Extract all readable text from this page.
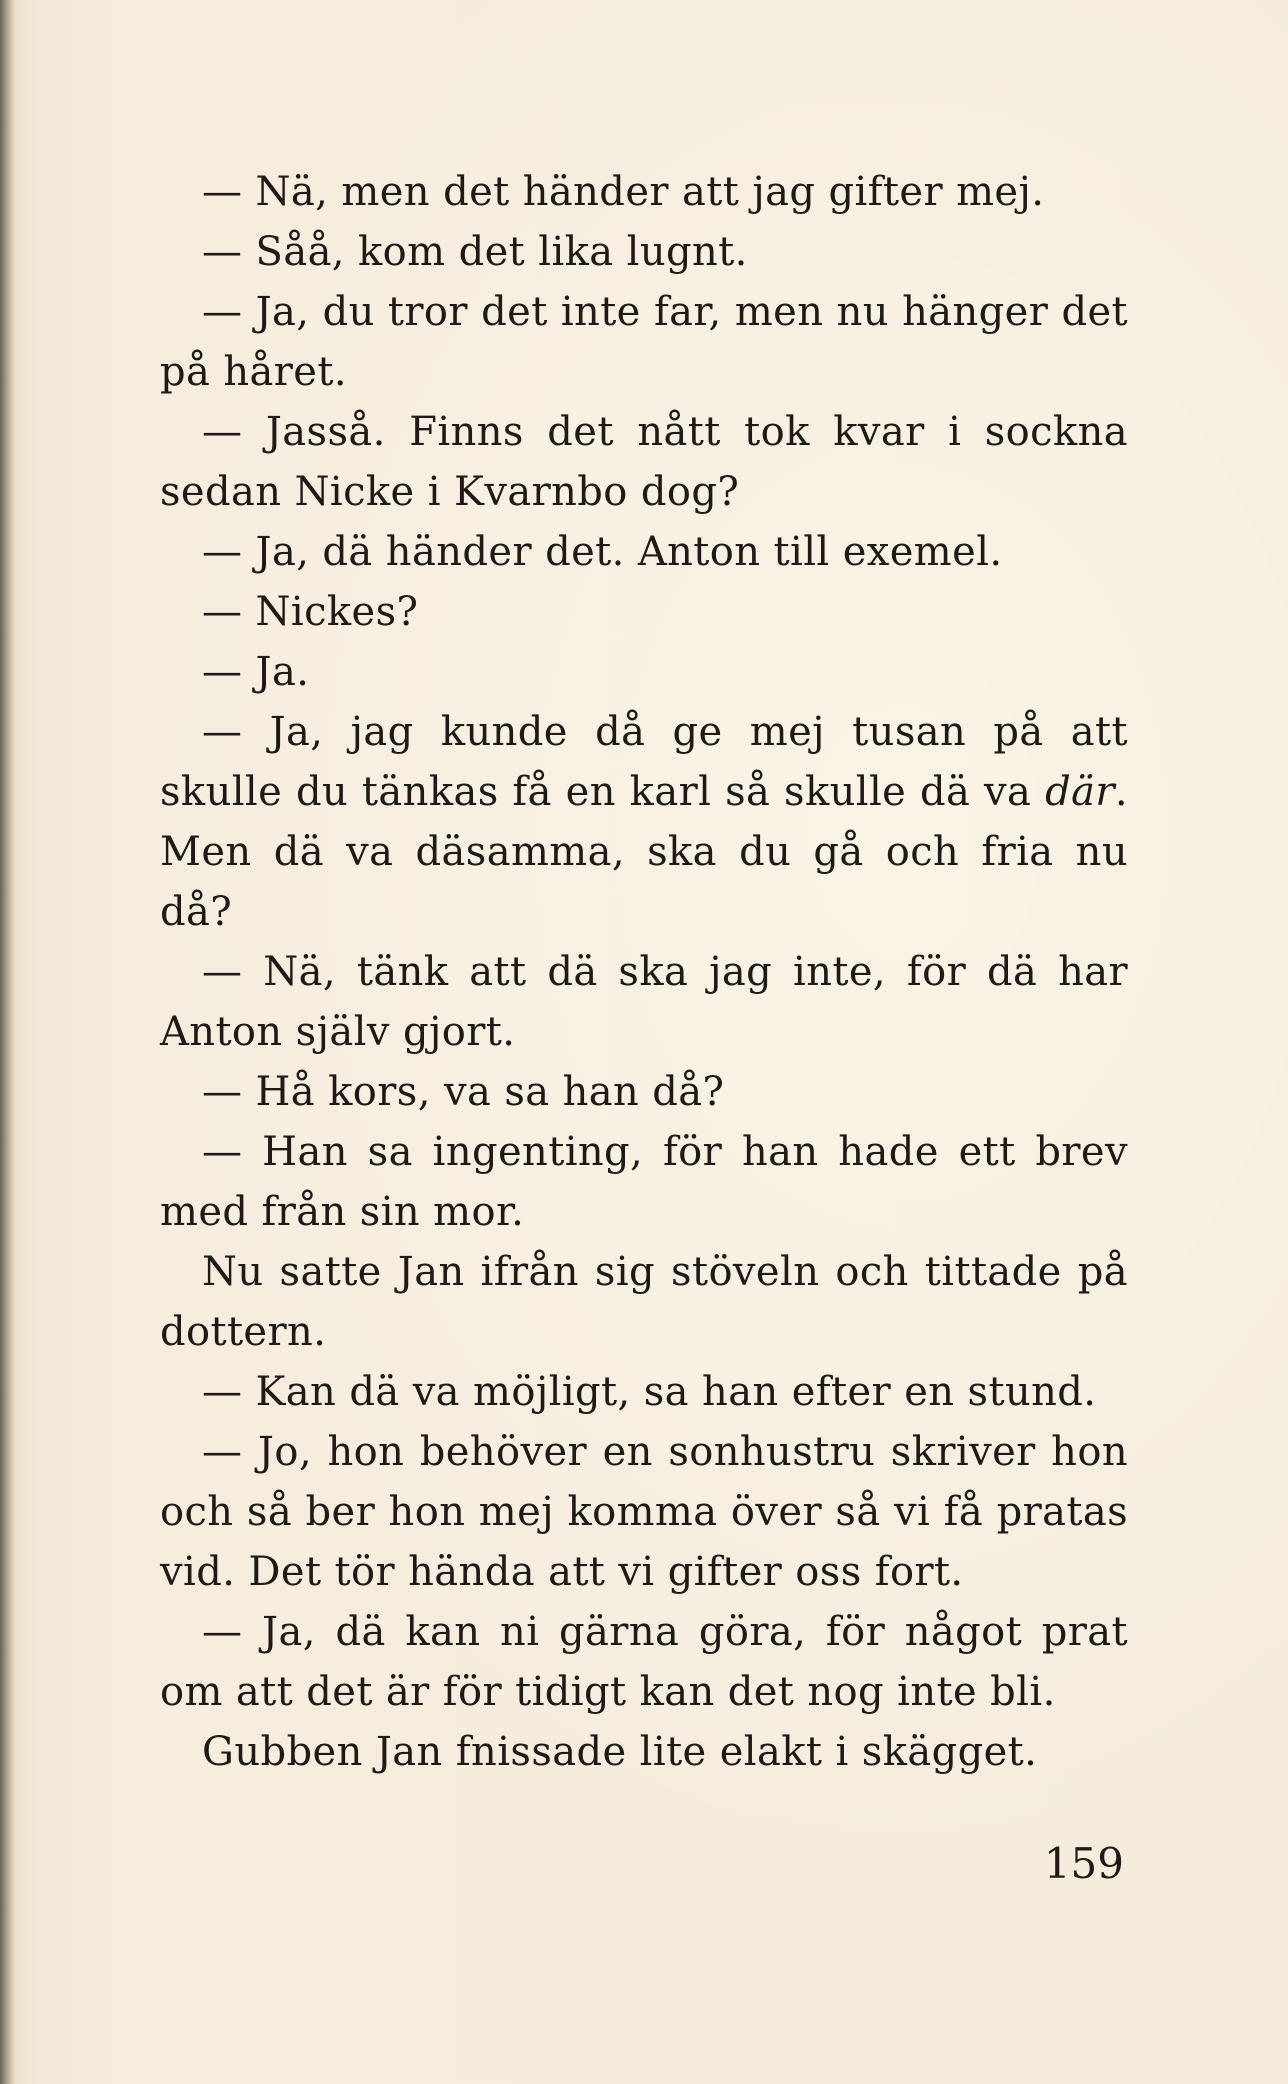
— Nä, men det händer att jag gifter mej.

— Såå, kom det lika lugnt.

— Ja, du tror det inte far, men nu hänger det på håret.

— Jasså. Finns det nått tok kvar i sockna sedan Nicke i Kvarnbo dog?

— Ja, dä händer det. Anton till exemel.

— Nickes?

— Ja.

— Ja, jag kunde då ge mej tusan på att skulle du tänkas få en karl så skulle dä va där. Men dä va däsamma, ska du gå och fria nu då?

— Nä, tänk att dä ska jag inte, för dä har Anton själv gjort.

— Hå kors, va sa han då?

— Han sa ingenting, för han hade ett brev med från sin mor.

Nu satte Jan ifrån sig stöveln och tittade på dottern.

— Kan dä va möjligt, sa han efter en stund.

— Jo, hon behöver en sonhustru skriver hon och så ber hon mej komma över så vi få pratas vid. Det tör hända att vi gifter oss fort.

— Ja, dä kan ni gärna göra, för något prat om att det är för tidigt kan det nog inte bli.

Gubben Jan fnissade lite elakt i skägget.

159
